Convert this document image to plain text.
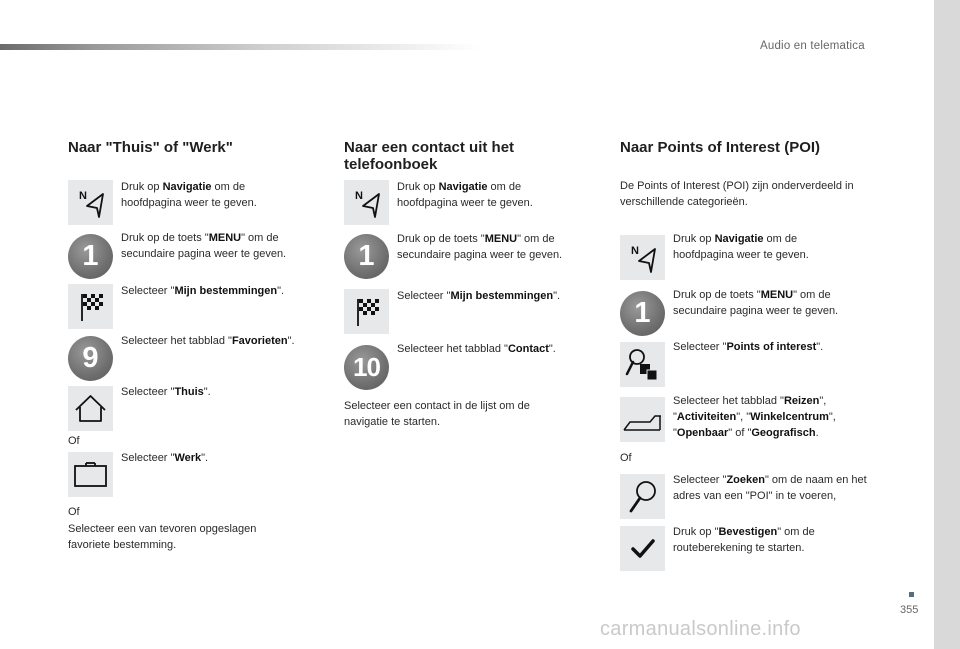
Audio en telematica
Naar "Thuis" of "Werk"
N
Druk op Navigatie om de hoofdpagina weer te geven.
1
Druk op de toets "MENU" om de secundaire pagina weer te geven.
Selecteer "Mijn bestemmingen".
9
Selecteer het tabblad "Favorieten".
Selecteer "Thuis".
Of
Selecteer "Werk".
Of
Selecteer een van tevoren opgeslagen favoriete bestemming.
Naar een contact uit het telefoonboek
N
Druk op Navigatie om de hoofdpagina weer te geven.
1
Druk op de toets "MENU" om de secundaire pagina weer te geven.
Selecteer "Mijn bestemmingen".
10
Selecteer het tabblad "Contact".
Selecteer een contact in de lijst om de navigatie te starten.
Naar Points of Interest (POI)
De Points of Interest (POI) zijn onderverdeeld in verschillende categorieën.
N
Druk op Navigatie om de hoofdpagina weer te geven.
1
Druk op de toets "MENU" om de secundaire pagina weer te geven.
Selecteer "Points of interest".
Selecteer het tabblad "Reizen", "Activiteiten", "Winkelcentrum", "Openbaar" of "Geografisch.
Of
Selecteer "Zoeken" om de naam en het adres van een "POI" in te voeren,
Druk op "Bevestigen" om de routeberekening te starten.
355
carmanualsonline.info
